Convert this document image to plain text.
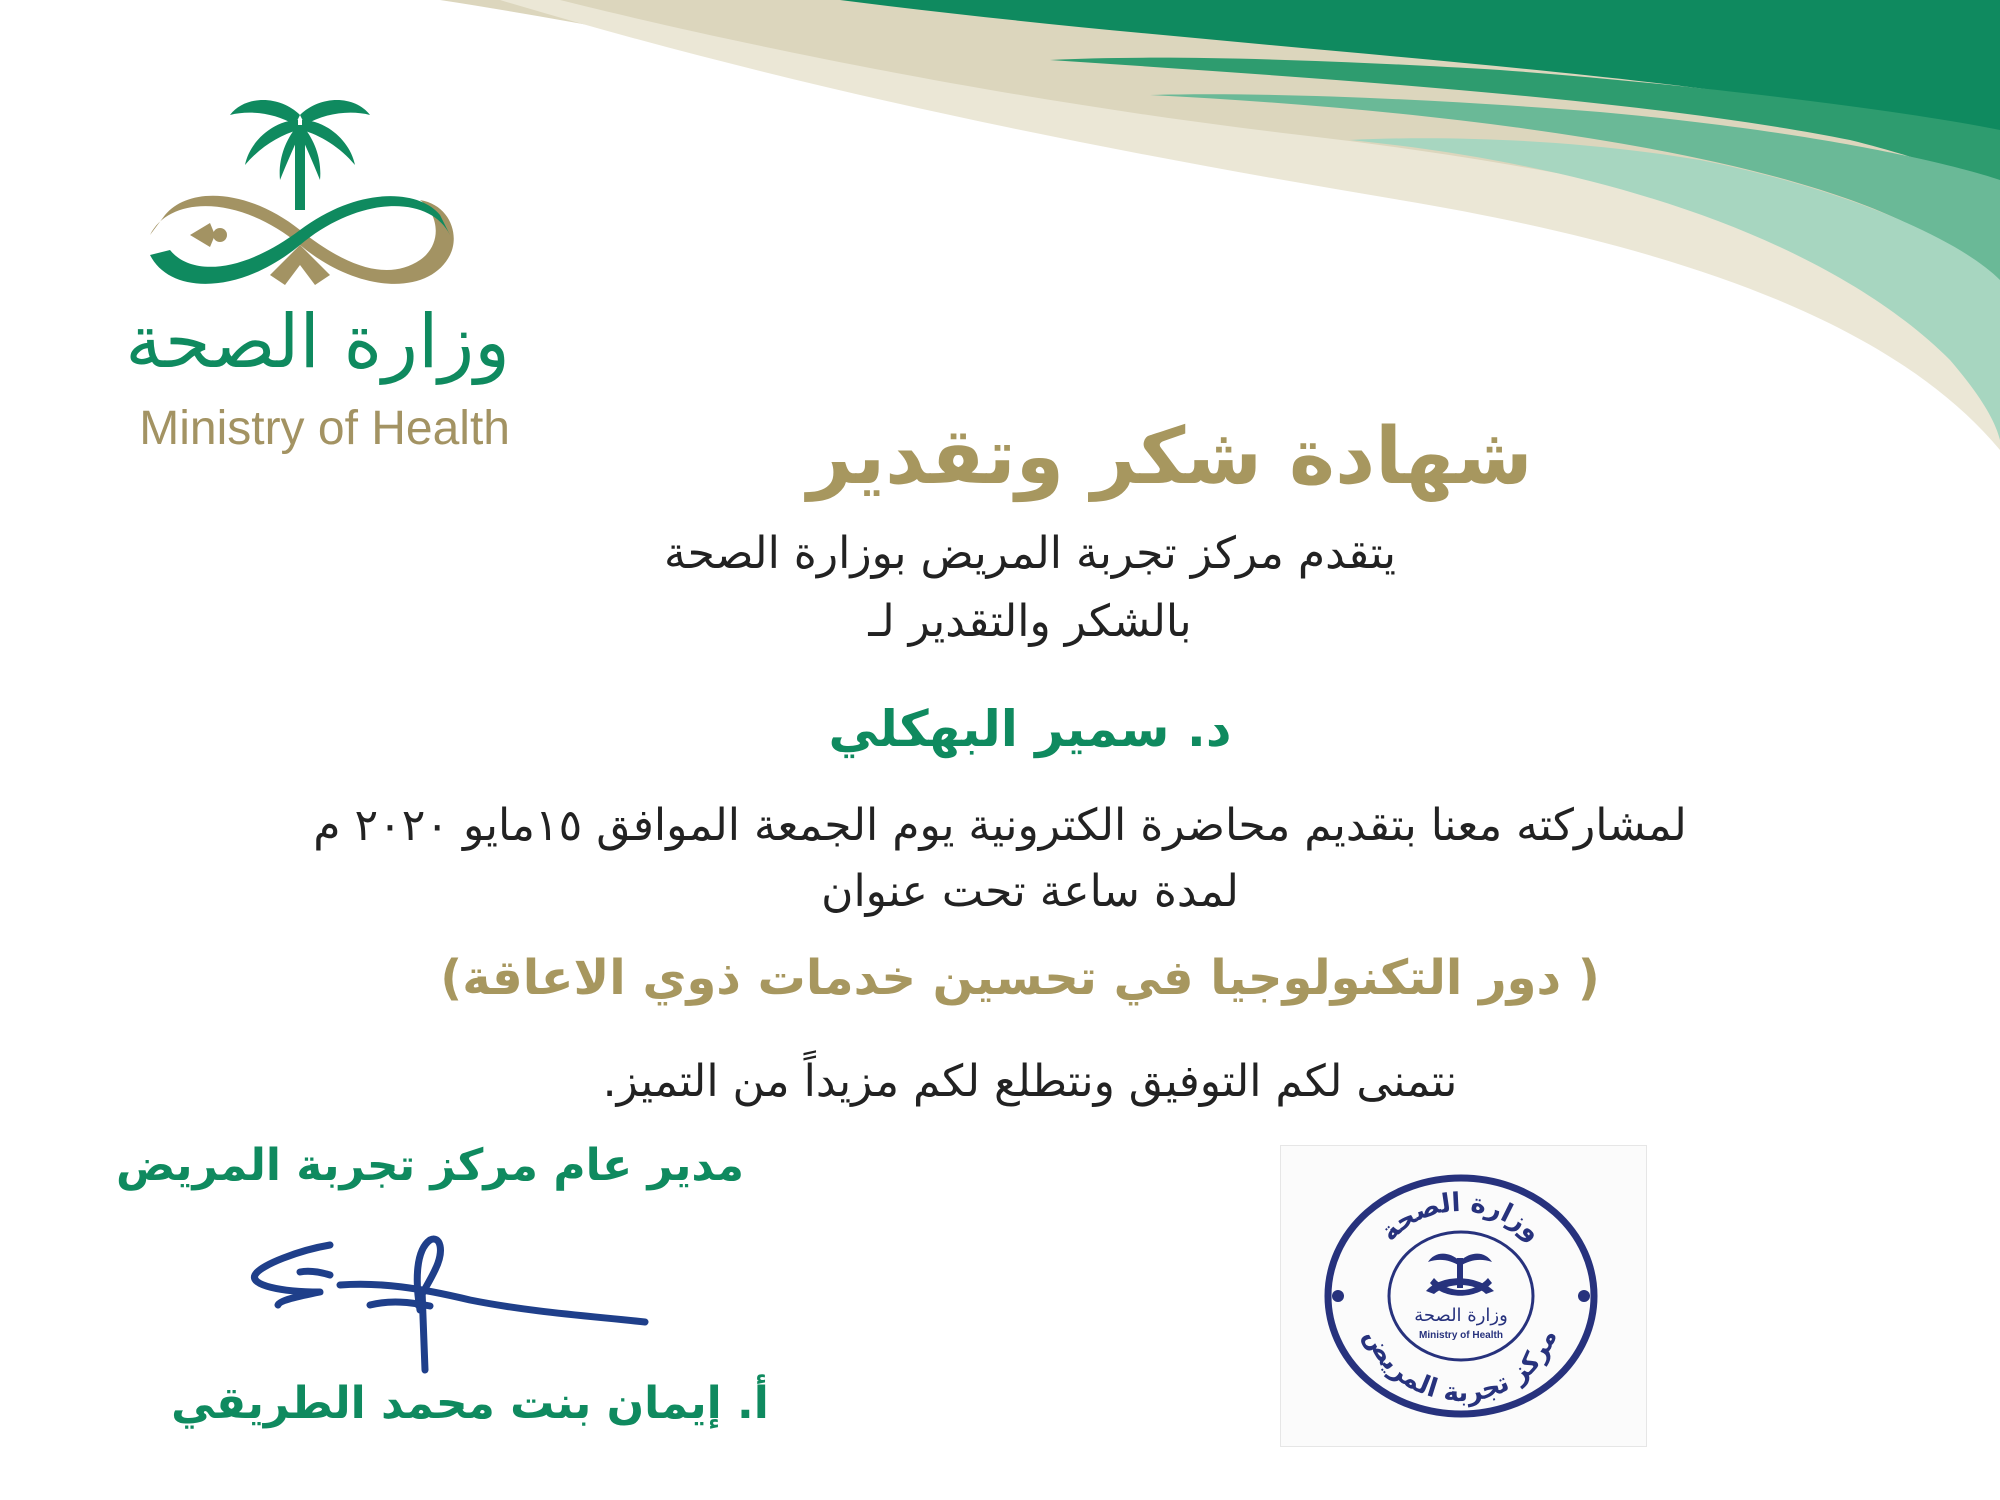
وزارة الصحة
Ministry of Health	شهادة شكر وتقدير
يتقدم مركز تجربة المريض بوزارة الصحة
بالشكر والتقدير لـ
د. سمير البهكلي
لمشاركته معنا بتقديم محاضرة الكترونية يوم الجمعة الموافق ١٥مايو ٢٠٢٠ م
لمدة ساعة تحت عنوان
( دور التكنولوجيا في تحسين خدمات ذوي الاعاقة)
نتمنى لكم التوفيق ونتطلع لكم مزيداً من التميز.
مدير عام مركز تجربة المريض
أ. إيمان بنت محمد الطريقي
وزارة الصحة
مركز تجربة المريض
وزارة الصحة
Ministry of Health
